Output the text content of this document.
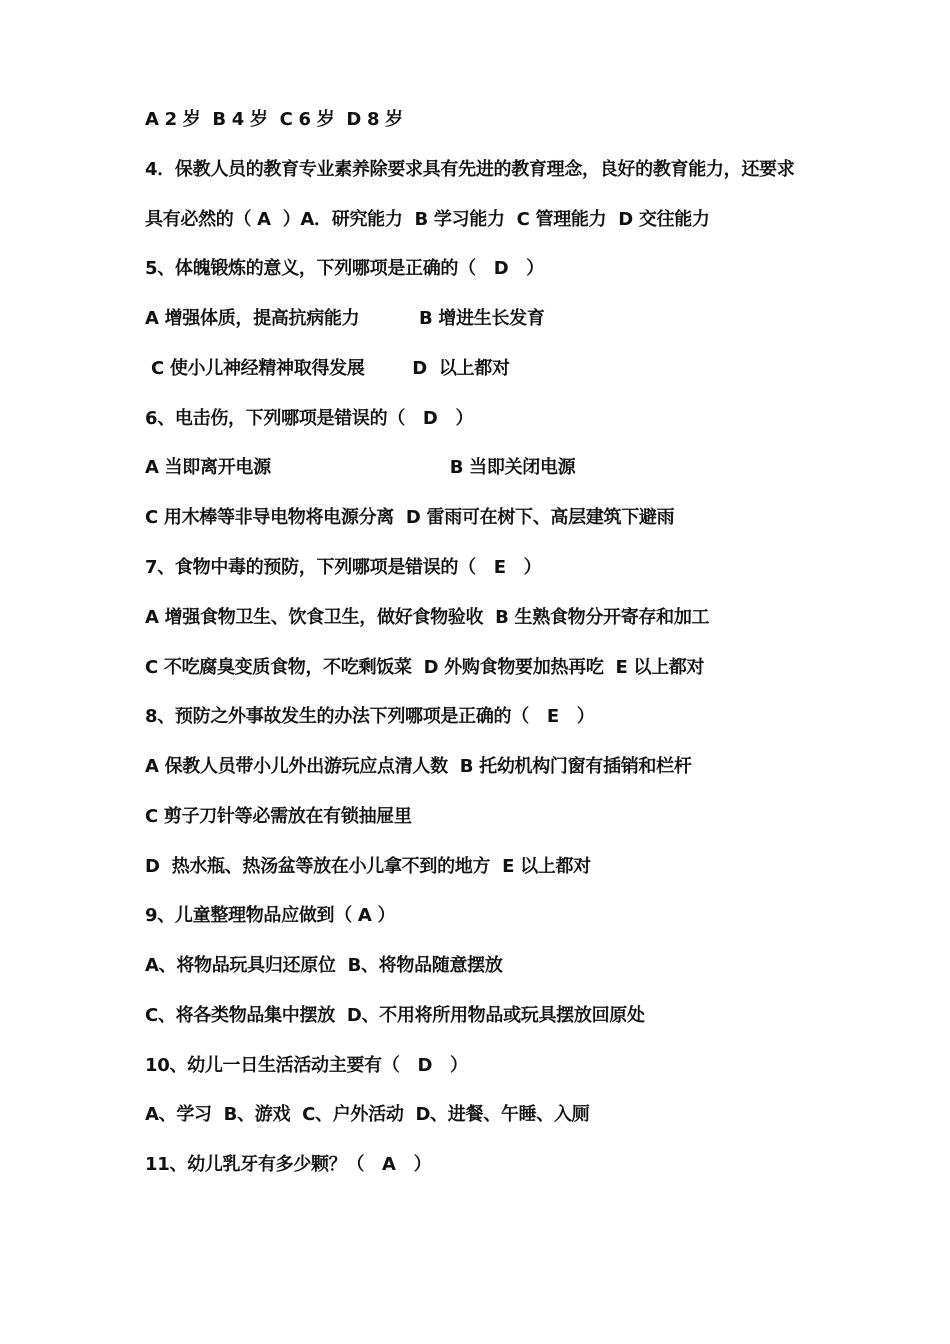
A 2 岁  B 4 岁  C 6 岁  D 8 岁
4．保教人员的教育专业素养除要求具有先进的教育理念，良好的教育能力，还要求
具有必然的（ A  ）A．研究能力  B 学习能力  C 管理能力  D 交往能力
5、体魄锻炼的意义，下列哪项是正确的（   D   ）
A 增强体质，提高抗病能力          B 增进生长发育
C 使小儿神经精神取得发展        D  以上都对
6、电击伤，下列哪项是错误的（   D   ）
A 当即离开电源                              B 当即关闭电源
C 用木棒等非导电物将电源分离  D 雷雨可在树下、高层建筑下避雨
7、食物中毒的预防，下列哪项是错误的（   E   ）
A 增强食物卫生、饮食卫生，做好食物验收  B 生熟食物分开寄存和加工
C 不吃腐臭变质食物，不吃剩饭菜  D 外购食物要加热再吃  E 以上都对
8、预防之外事故发生的办法下列哪项是正确的（   E   ）
A 保教人员带小儿外出游玩应点清人数  B 托幼机构门窗有插销和栏杆
C 剪子刀针等必需放在有锁抽屉里
D  热水瓶、热汤盆等放在小儿拿不到的地方  E 以上都对
9、儿童整理物品应做到（ A ）
A、将物品玩具归还原位  B、将物品随意摆放
C、将各类物品集中摆放  D、不用将所用物品或玩具摆放回原处
10、幼儿一日生活活动主要有（   D   ）
A、学习  B、游戏  C、户外活动  D、进餐、午睡、入厕
11、幼儿乳牙有多少颗？（   A   ）
